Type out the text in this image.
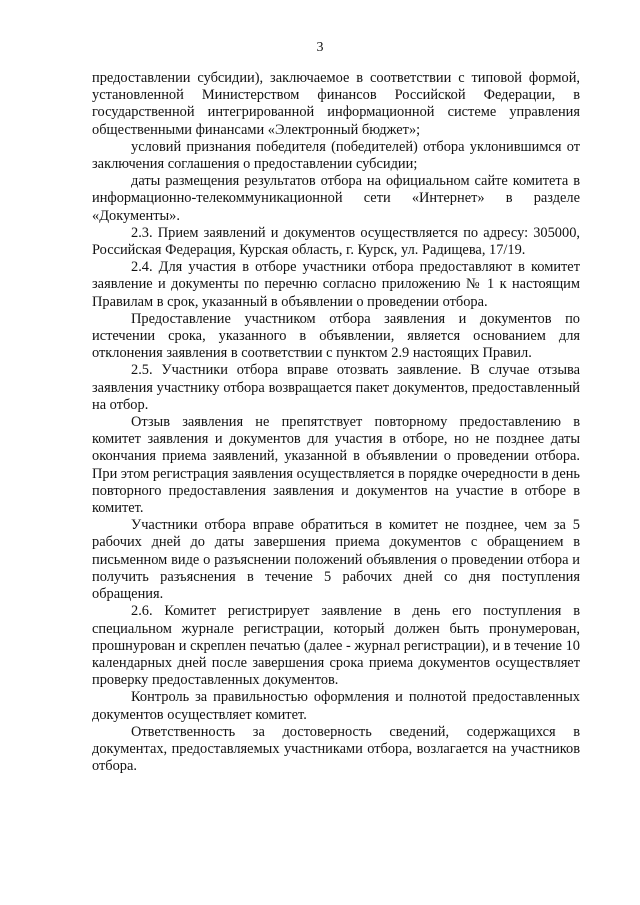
3

предоставлении субсидии), заключаемое в соответствии с типовой формой, установленной Министерством финансов Российской Федерации, в государственной интегрированной информационной системе управления общественными финансами «Электронный бюджет»;

условий признания победителя (победителей) отбора уклонившимся от заключения соглашения о предоставлении субсидии;

даты размещения результатов отбора на официальном сайте комитета в информационно-телекоммуникационной сети «Интернет» в разделе «Документы».

2.3. Прием заявлений и документов осуществляется по адресу: 305000, Российская Федерация, Курская область, г. Курск, ул. Радищева, 17/19.

2.4. Для участия в отборе участники отбора предоставляют в комитет заявление и документы по перечню согласно приложению № 1 к настоящим Правилам в срок, указанный в объявлении о проведении отбора.

Предоставление участником отбора заявления и документов по истечении срока, указанного в объявлении, является основанием для отклонения заявления в соответствии с пунктом 2.9 настоящих Правил.

2.5. Участники отбора вправе отозвать заявление. В случае отзыва заявления участнику отбора возвращается пакет документов, предоставленный на отбор.

Отзыв заявления не препятствует повторному предоставлению в комитет заявления и документов для участия в отборе, но не позднее даты окончания приема заявлений, указанной в объявлении о проведении отбора. При этом регистрация заявления осуществляется в порядке очередности в день повторного предоставления заявления и документов на участие в отборе в комитет.

Участники отбора вправе обратиться в комитет не позднее, чем за 5 рабочих дней до даты завершения приема документов с обращением в письменном виде о разъяснении положений объявления о проведении отбора и получить разъяснения в течение 5 рабочих дней со дня поступления обращения.

2.6. Комитет регистрирует заявление в день его поступления в специальном журнале регистрации, который должен быть пронумерован, прошнурован и скреплен печатью (далее - журнал регистрации), и в течение 10 календарных дней после завершения срока приема документов осуществляет проверку предоставленных документов.

Контроль за правильностью оформления и полнотой предоставленных документов осуществляет комитет.

Ответственность за достоверность сведений, содержащихся в документах, предоставляемых участниками отбора, возлагается на участников отбора.
